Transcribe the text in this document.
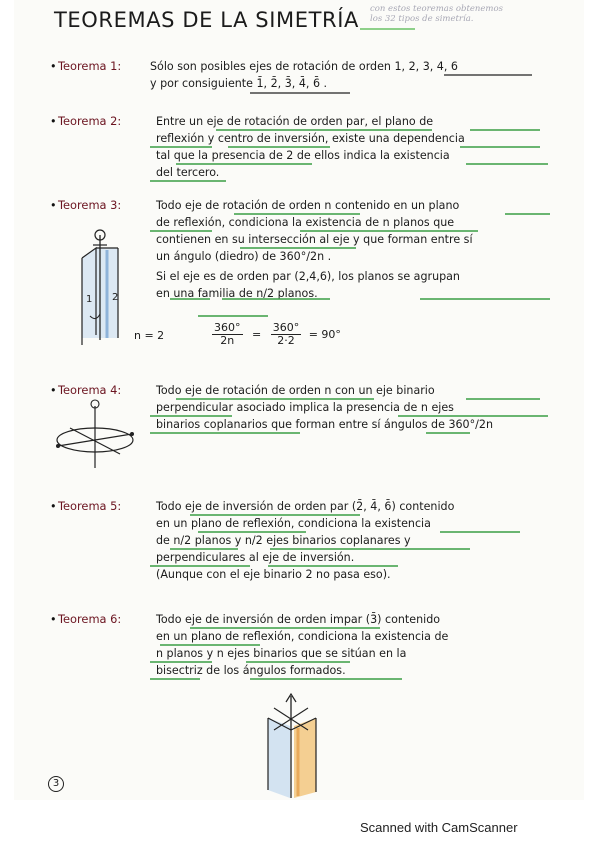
TEOREMAS DE LA SIMETRÍA con estos teoremas obtenemos
los 32 tipos de simetría.
• Teorema 1:	Sólo son posibles ejes de rotación de orden 1, 2, 3, 4, 6
y por consiguiente 1̄, 2̄, 3̄, 4̄, 6̄ .
• Teorema 2:	Entre un eje de rotación de orden par, el plano de
reflexión y centro de inversión, existe una dependencia
tal que la presencia de 2 de ellos indica la existencia
del tercero.
• Teorema 3:	Todo eje de rotación de orden n contenido en un plano
de reflexión, condiciona la existencia de n planos que
contienen en su intersección al eje y que forman entre sí
un ángulo (diedro) de 360°/2n .
Si el eje es de orden par (2,4,6), los planos se agrupan
en una familia de n/2 planos.
1 2
n = 2	$\frac{360^\circ}{2n} = \frac{360^\circ}{2\cdot 2} = 90^\circ$
• Teorema 4:	Todo eje de rotación de orden n con un eje binario
perpendicular asociado implica la presencia de n ejes
binarios coplanarios que forman entre sí ángulos de 360°/2n
• Teorema 5:	Todo eje de inversión de orden par (2̄, 4̄, 6̄) contenido
en un plano de reflexión, condiciona la existencia
de n/2 planos y n/2 ejes binarios coplanares y
perpendiculares al eje de inversión.
(Aunque con el eje binario 2 no pasa eso).
• Teorema 6:	Todo eje de inversión de orden impar (3̄) contenido
en un plano de reflexión, condiciona la existencia de
n planos y n ejes binarios que se sitúan en la
bisectriz de los ángulos formados.
3
Scanned with CamScanner
